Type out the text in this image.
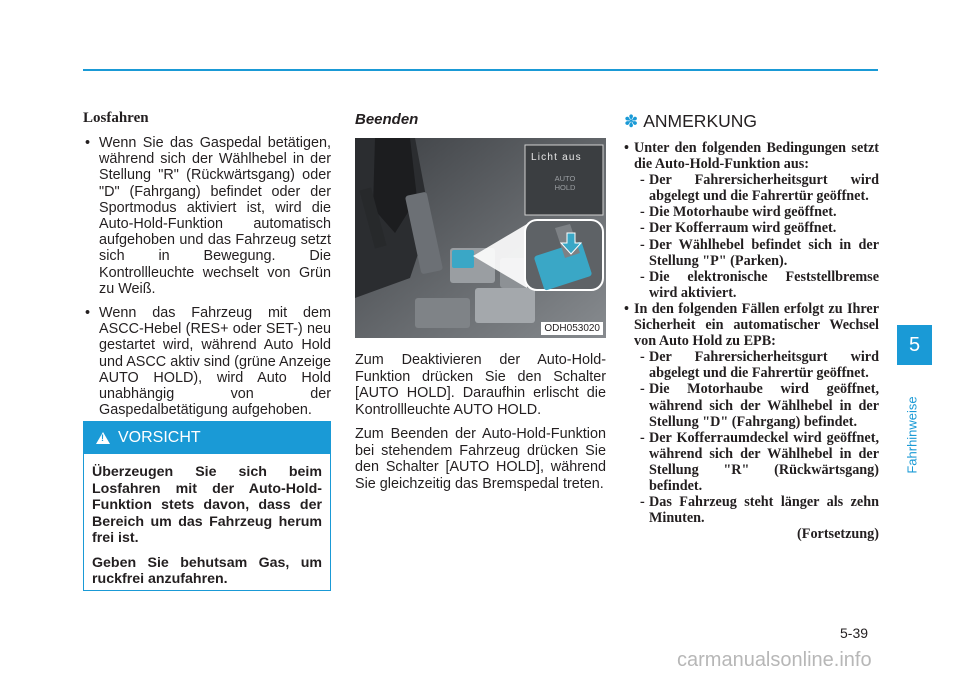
Losfahren
• Wenn Sie das Gaspedal betätigen, während sich der Wählhebel in der Stellung "R" (Rückwärtsgang) oder "D" (Fahrgang) befindet oder der Sportmodus aktiviert ist, wird die Auto-Hold-Funktion automatisch aufgehoben und das Fahrzeug setzt sich in Bewegung. Die Kontrollleuchte wechselt von Grün zu Weiß.
• Wenn das Fahrzeug mit dem ASCC-Hebel (RES+ oder SET-) neu gestartet wird, während Auto Hold und ASCC aktiv sind (grüne Anzeige AUTO HOLD), wird Auto Hold unabhängig von der Gaspedalbetätigung aufgehoben.
! VORSICHT

Überzeugen Sie sich beim Losfahren mit der Auto-Hold-Funktion stets davon, dass der Bereich um das Fahrzeug herum frei ist.

Geben Sie behutsam Gas, um ruckfrei anzufahren.

Beenden
Licht aus
AUTO HOLD
ODH053020

Zum Deaktivieren der Auto-Hold-Funktion drücken Sie den Schalter [AUTO HOLD]. Daraufhin erlischt die Kontrollleuchte AUTO HOLD.

Zum Beenden der Auto-Hold-Funktion bei stehendem Fahrzeug drücken Sie den Schalter [AUTO HOLD], während Sie gleichzeitig das Bremspedal treten.

✽ ANMERKUNG
• Unter den folgenden Bedingungen setzt die Auto-Hold-Funktion aus:
- Der Fahrersicherheitsgurt wird abgelegt und die Fahrertür geöffnet.
- Die Motorhaube wird geöffnet.
- Der Kofferraum wird geöffnet.
- Der Wählhebel befindet sich in der Stellung "P" (Parken).
- Die elektronische Feststellbremse wird aktiviert.
• In den folgenden Fällen erfolgt zu Ihrer Sicherheit ein automatischer Wechsel von Auto Hold zu EPB:
- Der Fahrersicherheitsgurt wird abgelegt und die Fahrertür geöffnet.
- Die Motorhaube wird geöffnet, während sich der Wählhebel in der Stellung "D" (Fahrgang) befindet.
- Der Kofferraumdeckel wird geöffnet, während sich der Wählhebel in der Stellung "R" (Rückwärtsgang) befindet.
- Das Fahrzeug steht länger als zehn Minuten.
(Fortsetzung)
5
Fahrhinweise
5-39
carmanualsonline.info
